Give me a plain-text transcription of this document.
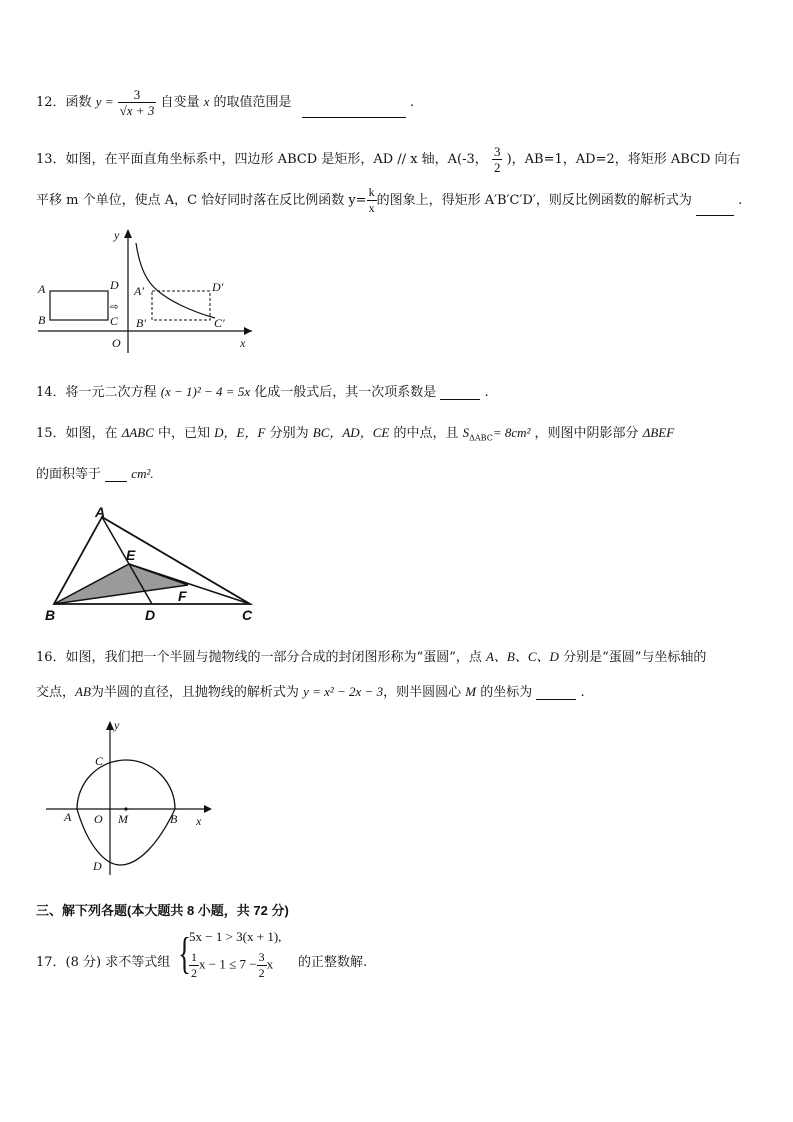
12．函数 $y = \frac{3}{√x + 3}$ 自变量 x 的取值范围是	.
13．如图，在平面直角坐标系中，四边形 ABCD 是矩形，AD // x 轴，A(-3， $\frac{3}{2}$ )，AB=1，AD=2，将矩形 ABCD 向右
平移 m 个单位，使点 A，C 恰好同时落在反比例函数 $y= \frac{k}{x}$ 的图象上，得矩形 A′B′C′D′，则反比例函数的解析式为	.
y
x
O
A
B	C
D
⇨
A′
B′	C′
D′
14．将一元二次方程 (x − 1)² − 4 = 5x 化成一般式后，其一次项系数是	.
15．如图，在 ΔABC 中，已知 D，E，F 分别为 BC，AD，CE 的中点，且 $S_{\Delta ABC}= 8cm^2$ ，则图中阴影部分 ΔBEF
的面积等于 cm².
A
B	C
D
E
F
16．如图，我们把一个半圆与抛物线的一部分合成的封闭图形称为“蛋圆”，点 A、B、C、D 分别是“蛋圆”与坐标轴的
交点，AB为半圆的直径，且抛物线的解析式为 y = x² − 2x − 3，则半圆圆心 M 的坐标为	.
y
x
O
A	B
C
D
M
三、解下列各题(本大题共 8 小题，共 72 分)
17．(8 分) 求不等式组 {
5x − 1 > 3(x + 1),
$\frac{1}{2}$ $x - 1 \le 7 - \frac{3}{2}$ x	的正整数解.
